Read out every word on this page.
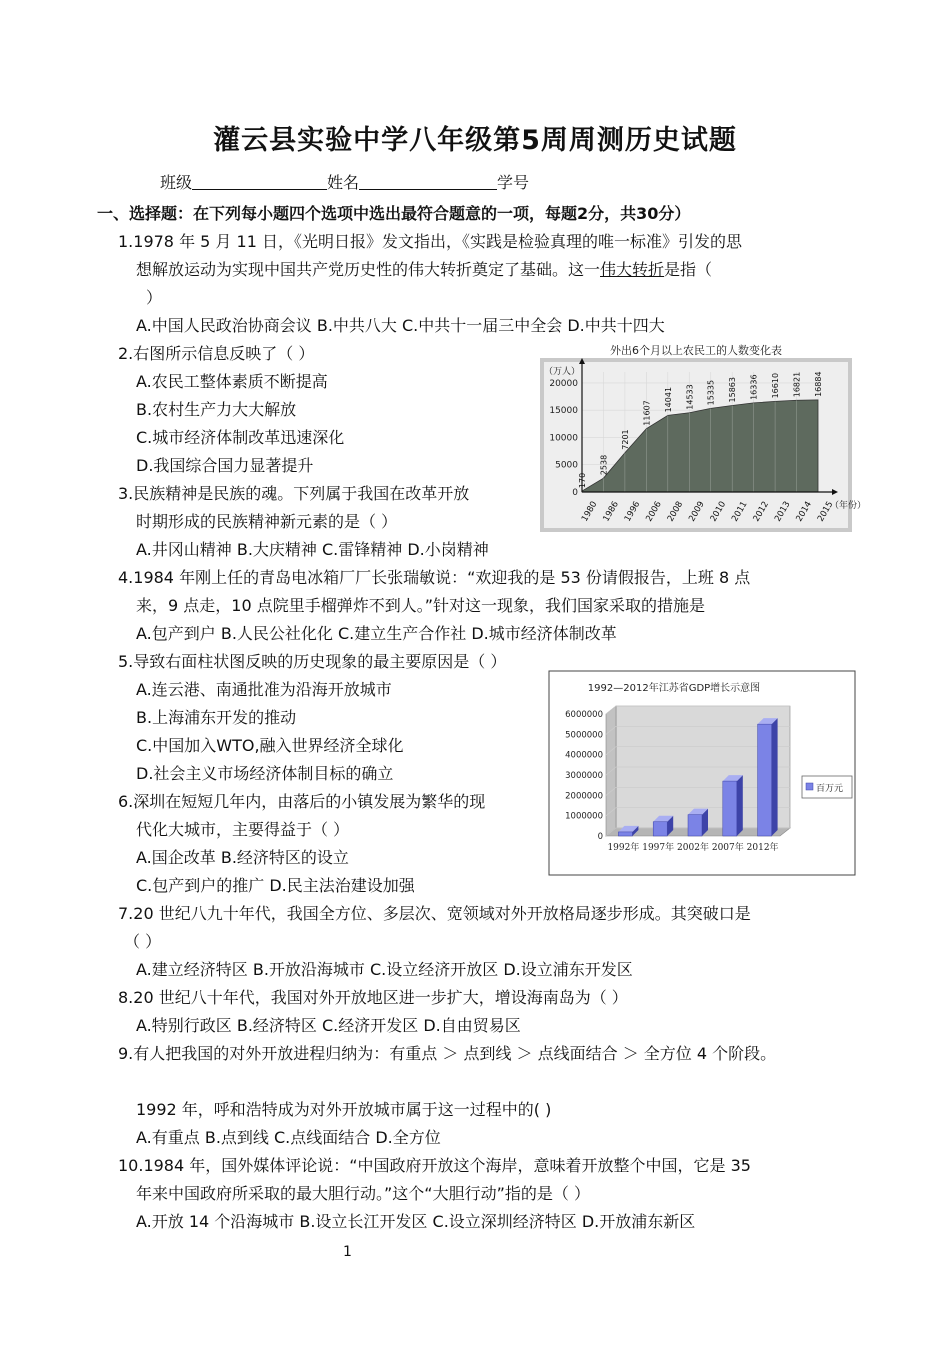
灌云县实验中学八年级第5周周测历史试题
班级	姓名	学号
一、选择题：在下列每小题四个选项中选出最符合题意的一项，每题2分，共30分）
1.1978 年 5 月 11 日，《光明日报》发文指出，《实践是检验真理的唯一标准》引发的思
想解放运动为实现中国共产党历史性的伟大转折奠定了基础。这一伟大转折是指（
）
A.中国人民政治协商会议 B.中共八大 C.中共十一届三中全会 D.中共十四大
2.右图所示信息反映了（ ）
A.农民工整体素质不断提高
B.农村生产力大大解放
C.城市经济体制改革迅速深化
D.我国综合国力显著提升
3.民族精神是民族的魂。下列属于我国在改革开放
时期形成的民族精神新元素的是（ ）
A.井冈山精神 B.大庆精神 C.雷锋精神 D.小岗精神
4.1984 年刚上任的青岛电冰箱厂厂长张瑞敏说：“欢迎我的是 53 份请假报告，上班 8 点
来，9 点走，10 点院里手榴弹炸不到人。”针对这一现象，我们国家采取的措施是
A.包产到户 B.人民公社化化 C.建立生产合作社 D.城市经济体制改革
5.导致右面柱状图反映的历史现象的最主要原因是（ ）
A.连云港、南通批准为沿海开放城市
B.上海浦东开发的推动
C.中国加入WTO,融入世界经济全球化
D.社会主义市场经济体制目标的确立
6.深圳在短短几年内，由落后的小镇发展为繁华的现
代化大城市，主要得益于（ ）
A.国企改革 B.经济特区的设立
C.包产到户的推广 D.民主法治建设加强
7.20 世纪八九十年代，我国全方位、多层次、宽领域对外开放格局逐步形成。其突破口是
（ ）
A.建立经济特区 B.开放沿海城市 C.设立经济开放区 D.设立浦东开发区
8.20 世纪八十年代，我国对外开放地区进一步扩大，增设海南岛为（ ）
A.特别行政区 B.经济特区 C.经济开发区 D.自由贸易区
9.有人把我国的对外开放进程归纳为：有重点 ＞ 点到线 ＞ 点线面结合 ＞ 全方位 4 个阶段。
1992 年，呼和浩特成为对外开放城市属于这一过程中的( )
A.有重点 B.点到线 C.点线面结合 D.全方位
10.1984 年，国外媒体评论说：“中国政府开放这个海岸，意味着开放整个中国，它是 35
年来中国政府所采取的最大胆行动。”这个“大胆行动”指的是（ ）
A.开放 14 个沿海城市 B.设立长江开发区 C.设立深圳经济特区 D.开放浦东新区
外出6个月以上农民工的人数变化表
（万人）
0
5000
10000
15000
20000
（年份）
170
2538
7201
11607
14041 14533 15335 15863 16336 16610 16821 16884
1980 1986 1996 2006 2008 2009 2010 2011 2012 2013 2014 2015
1992—2012年江苏省GDP增长示意图
0
1000000
2000000
3000000
4000000
5000000
6000000
1992年 1997年 2002年 2007年 2012年
百万元
1
